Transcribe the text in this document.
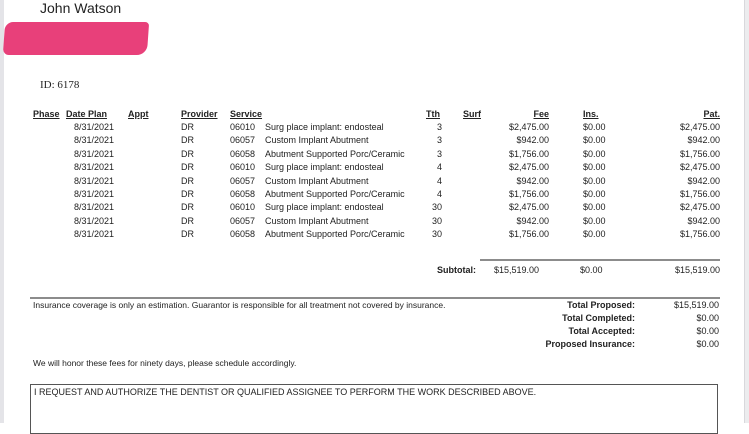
John Watson
ID: 6178
Phase Date Plan Appt	Provider Service	Tth	Surf	Fee	Ins.	Pat.
8/31/2021	DR	06010 Surg place implant: endosteal	3	$2,475.00	$0.00	$2,475.00
8/31/2021	DR	06057 Custom Implant Abutment	3	$942.00	$0.00	$942.00
8/31/2021	DR	06058 Abutment Supported Porc/Ceramic	3	$1,756.00	$0.00	$1,756.00
8/31/2021	DR	06010 Surg place implant: endosteal	4	$2,475.00	$0.00	$2,475.00
8/31/2021	DR	06057 Custom Implant Abutment	4	$942.00	$0.00	$942.00
8/31/2021	DR	06058 Abutment Supported Porc/Ceramic	4	$1,756.00	$0.00	$1,756.00
8/31/2021	DR	06010 Surg place implant: endosteal	30	$2,475.00	$0.00	$2,475.00
8/31/2021	DR	06057 Custom Implant Abutment	30	$942.00	$0.00	$942.00
8/31/2021	DR	06058 Abutment Supported Porc/Ceramic	30	$1,756.00	$0.00	$1,756.00
Subtotal: $15,519.00	$0.00	$15,519.00
Insurance coverage is only an estimation. Guarantor is responsible for all treatment not covered by insurance.	Total Proposed:	$15,519.00
Total Completed:	$0.00
Total Accepted:	$0.00
Proposed Insurance:	$0.00
We will honor these fees for ninety days, please schedule accordingly.
I REQUEST AND AUTHORIZE THE DENTIST OR QUALIFIED ASSIGNEE TO PERFORM THE WORK DESCRIBED ABOVE.
